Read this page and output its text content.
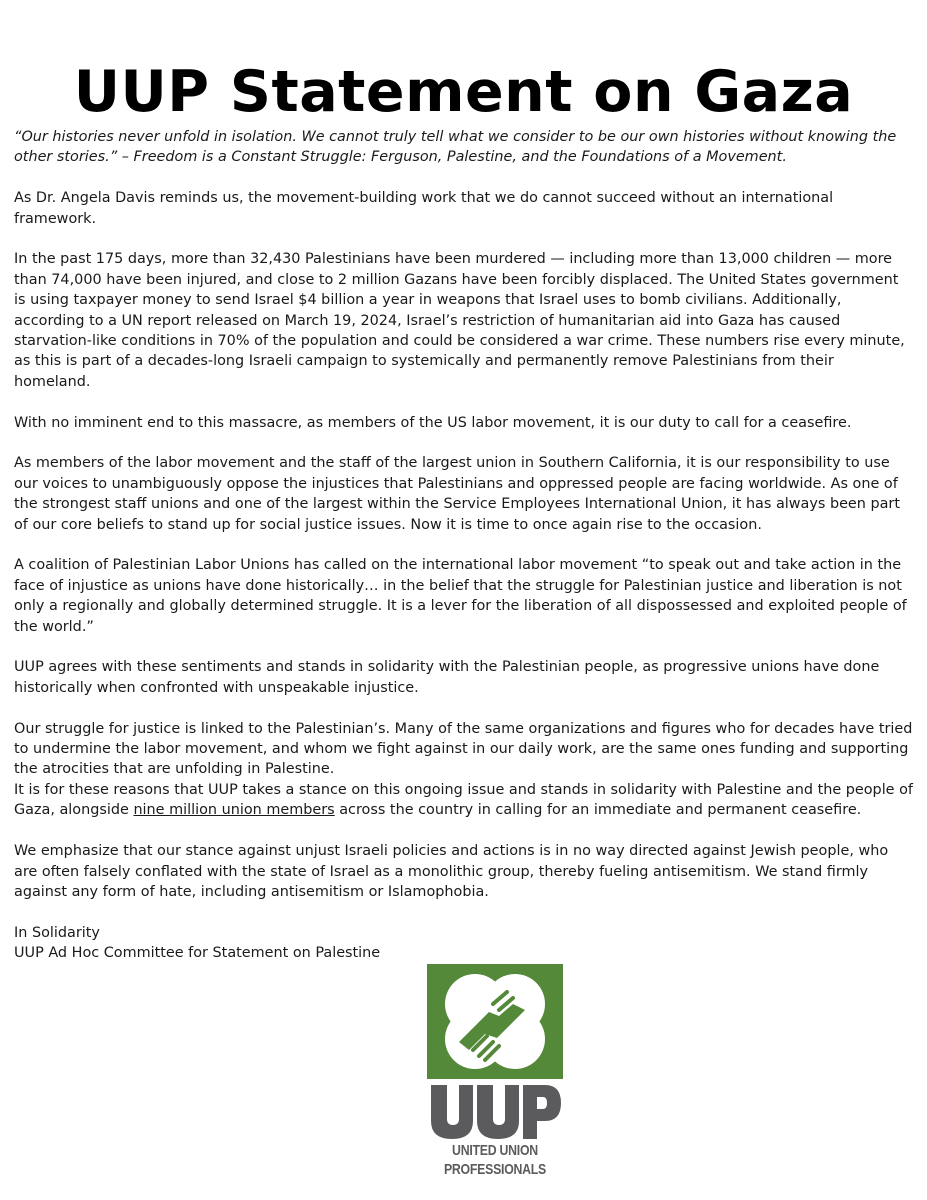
UUP Statement on Gaza

“Our histories never unfold in isolation. We cannot truly tell what we consider to be our own histories without knowing the other stories.” – Freedom is a Constant Struggle: Ferguson, Palestine, and the Foundations of a Movement.

As Dr. Angela Davis reminds us, the movement-building work that we do cannot succeed without an international framework.

In the past 175 days, more than 32,430 Palestinians have been murdered — including more than 13,000 children — more than 74,000 have been injured, and close to 2 million Gazans have been forcibly displaced. The United States government is using taxpayer money to send Israel $4 billion a year in weapons that Israel uses to bomb civilians. Additionally, according to a UN report released on March 19, 2024, Israel’s restriction of humanitarian aid into Gaza has caused starvation-like conditions in 70% of the population and could be considered a war crime. These numbers rise every minute, as this is part of a decades-long Israeli campaign to systemically and permanently remove Palestinians from their homeland.

With no imminent end to this massacre, as members of the US labor movement, it is our duty to call for a ceasefire.

As members of the labor movement and the staff of the largest union in Southern California, it is our responsibility to use our voices to unambiguously oppose the injustices that Palestinians and oppressed people are facing worldwide. As one of the strongest staff unions and one of the largest within the Service Employees International Union, it has always been part of our core beliefs to stand up for social justice issues. Now it is time to once again rise to the occasion.

A coalition of Palestinian Labor Unions has called on the international labor movement “to speak out and take action in the face of injustice as unions have done historically… in the belief that the struggle for Palestinian justice and liberation is not only a regionally and globally determined struggle. It is a lever for the liberation of all dispossessed and exploited people of the world.”

UUP agrees with these sentiments and stands in solidarity with the Palestinian people, as progressive unions have done historically when confronted with unspeakable injustice.

Our struggle for justice is linked to the Palestinian’s. Many of the same organizations and figures who for decades have tried to undermine the labor movement, and whom we fight against in our daily work, are the same ones funding and supporting the atrocities that are unfolding in Palestine.

It is for these reasons that UUP takes a stance on this ongoing issue and stands in solidarity with Palestine and the people of Gaza, alongside nine million union members across the country in calling for an immediate and permanent ceasefire.

We emphasize that our stance against unjust Israeli policies and actions is in no way directed against Jewish people, who are often falsely conflated with the state of Israel as a monolithic group, thereby fueling antisemitism. We stand firmly against any form of hate, including antisemitism or Islamophobia.

In Solidarity

UUP Ad Hoc Committee for Statement on Palestine

UNITED UNION
PROFESSIONALS
